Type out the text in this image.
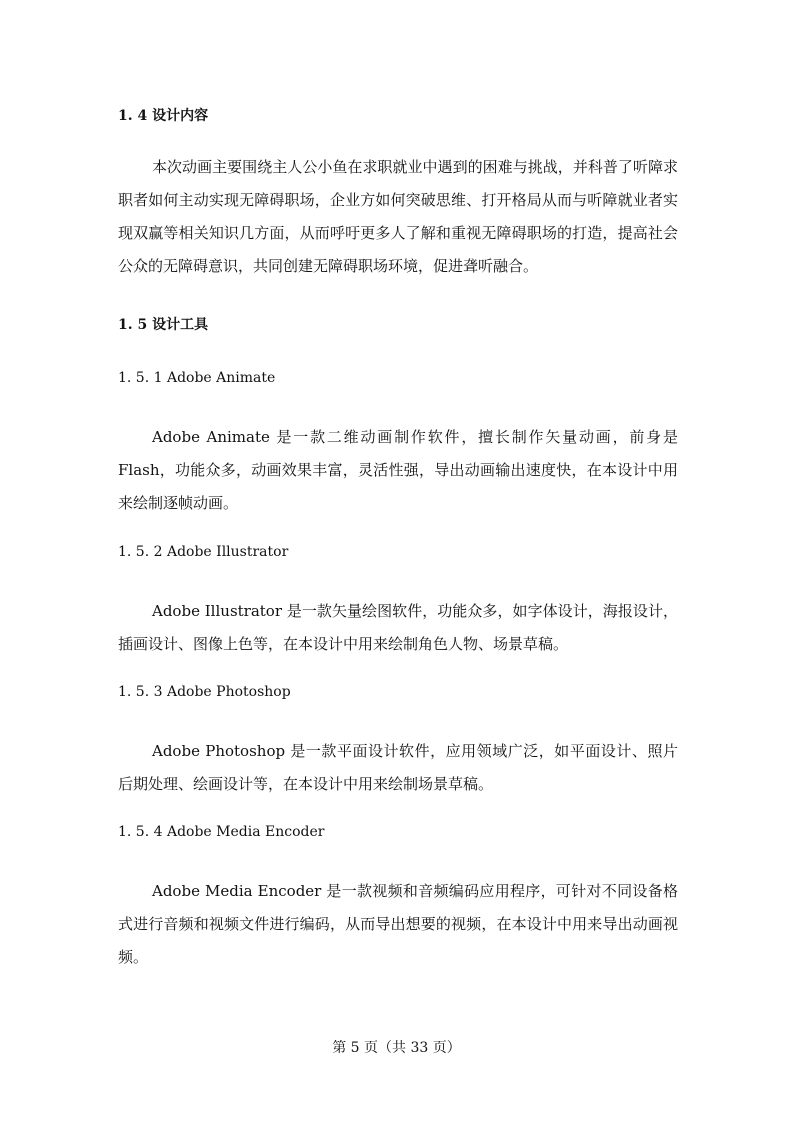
1. 4 设计内容

本次动画主要围绕主人公小鱼在求职就业中遇到的困难与挑战，并科普了听障求职者如何主动实现无障碍职场，企业方如何突破思维、打开格局从而与听障就业者实现双赢等相关知识几方面，从而呼吁更多人了解和重视无障碍职场的打造，提高社会公众的无障碍意识，共同创建无障碍职场环境，促进聋听融合。

1. 5 设计工具

1. 5. 1 Adobe Animate

Adobe Animate 是一款二维动画制作软件，擅长制作矢量动画，前身是 Flash，功能众多，动画效果丰富，灵活性强，导出动画输出速度快，在本设计中用来绘制逐帧动画。

1. 5. 2 Adobe Illustrator

Adobe Illustrator 是一款矢量绘图软件，功能众多，如字体设计，海报设计，插画设计、图像上色等，在本设计中用来绘制角色人物、场景草稿。

1. 5. 3 Adobe Photoshop

Adobe Photoshop 是一款平面设计软件，应用领域广泛，如平面设计、照片后期处理、绘画设计等，在本设计中用来绘制场景草稿。

1. 5. 4 Adobe Media Encoder

Adobe Media Encoder 是一款视频和音频编码应用程序，可针对不同设备格式进行音频和视频文件进行编码，从而导出想要的视频，在本设计中用来导出动画视频。

第 5 页（共 33 页）
